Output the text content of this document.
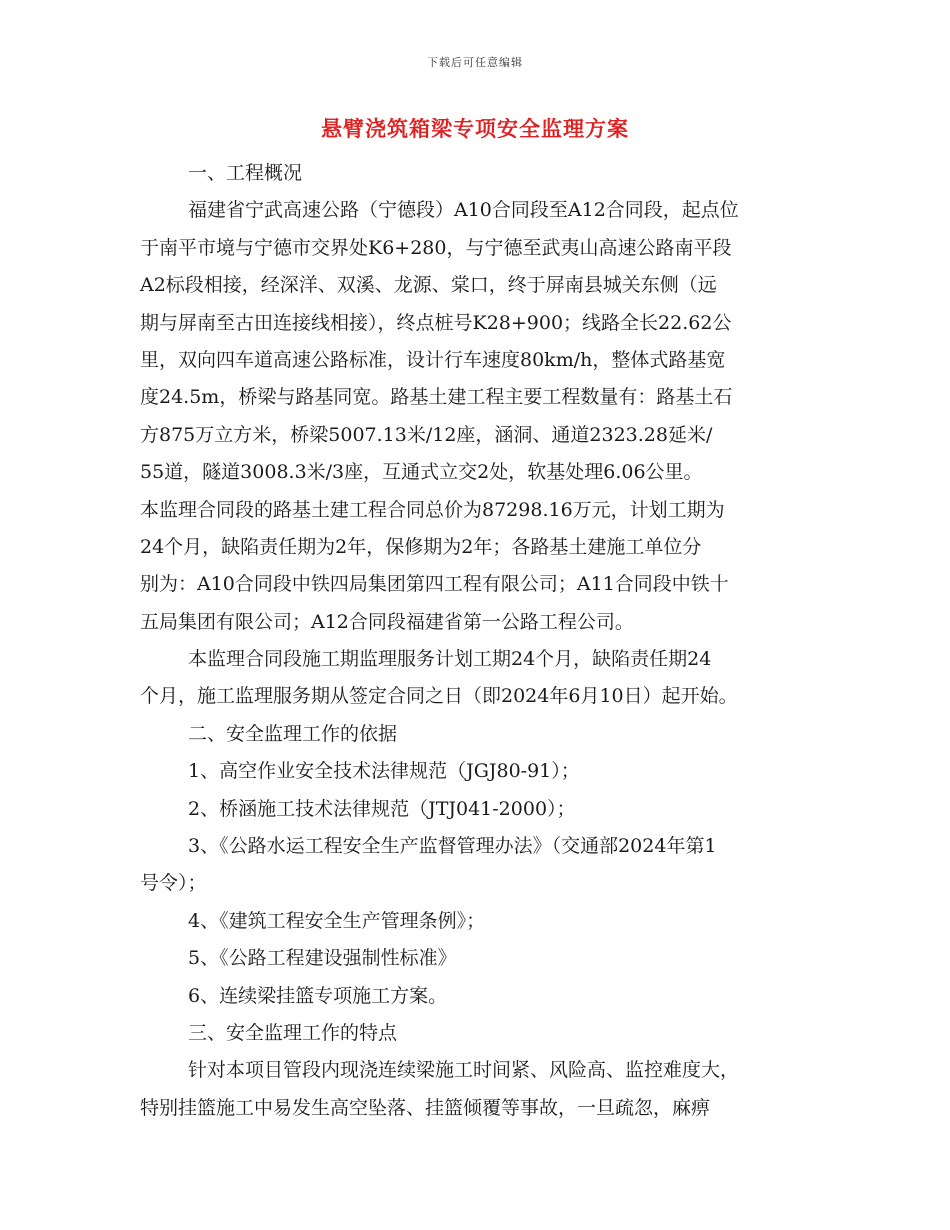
下载后可任意编辑
悬臂浇筑箱梁专项安全监理方案
一、工程概况
福建省宁武高速公路（宁德段）A10合同段至A12合同段，起点位
于南平市境与宁德市交界处K6+280，与宁德至武夷山高速公路南平段
A2标段相接，经深洋、双溪、龙源、棠口，终于屏南县城关东侧（远
期与屏南至古田连接线相接），终点桩号K28+900；线路全长22.62公
里，双向四车道高速公路标准，设计行车速度80km/h，整体式路基宽
度24.5m，桥梁与路基同宽。路基土建工程主要工程数量有：路基土石
方875万立方米，桥梁5007.13米/12座，涵洞、通道2323.28延米/
55道，隧道3008.3米/3座，互通式立交2处，软基处理6.06公里。
本监理合同段的路基土建工程合同总价为87298.16万元，计划工期为
24个月，缺陷责任期为2年，保修期为2年；各路基土建施工单位分
别为：A10合同段中铁四局集团第四工程有限公司；A11合同段中铁十
五局集团有限公司；A12合同段福建省第一公路工程公司。
本监理合同段施工期监理服务计划工期24个月，缺陷责任期24
个月，施工监理服务期从签定合同之日（即2024年6月10日）起开始。
二、安全监理工作的依据
1、高空作业安全技术法律规范（JGJ80-91）；
2、桥涵施工技术法律规范（JTJ041-2000）；
3、《公路水运工程安全生产监督管理办法》（交通部2024年第1
号令）；
4、《建筑工程安全生产管理条例》；
5、《公路工程建设强制性标准》
6、连续梁挂篮专项施工方案。
三、安全监理工作的特点
针对本项目管段内现浇连续梁施工时间紧、风险高、监控难度大，
特别挂篮施工中易发生高空坠落、挂篮倾覆等事故，一旦疏忽，麻痹
